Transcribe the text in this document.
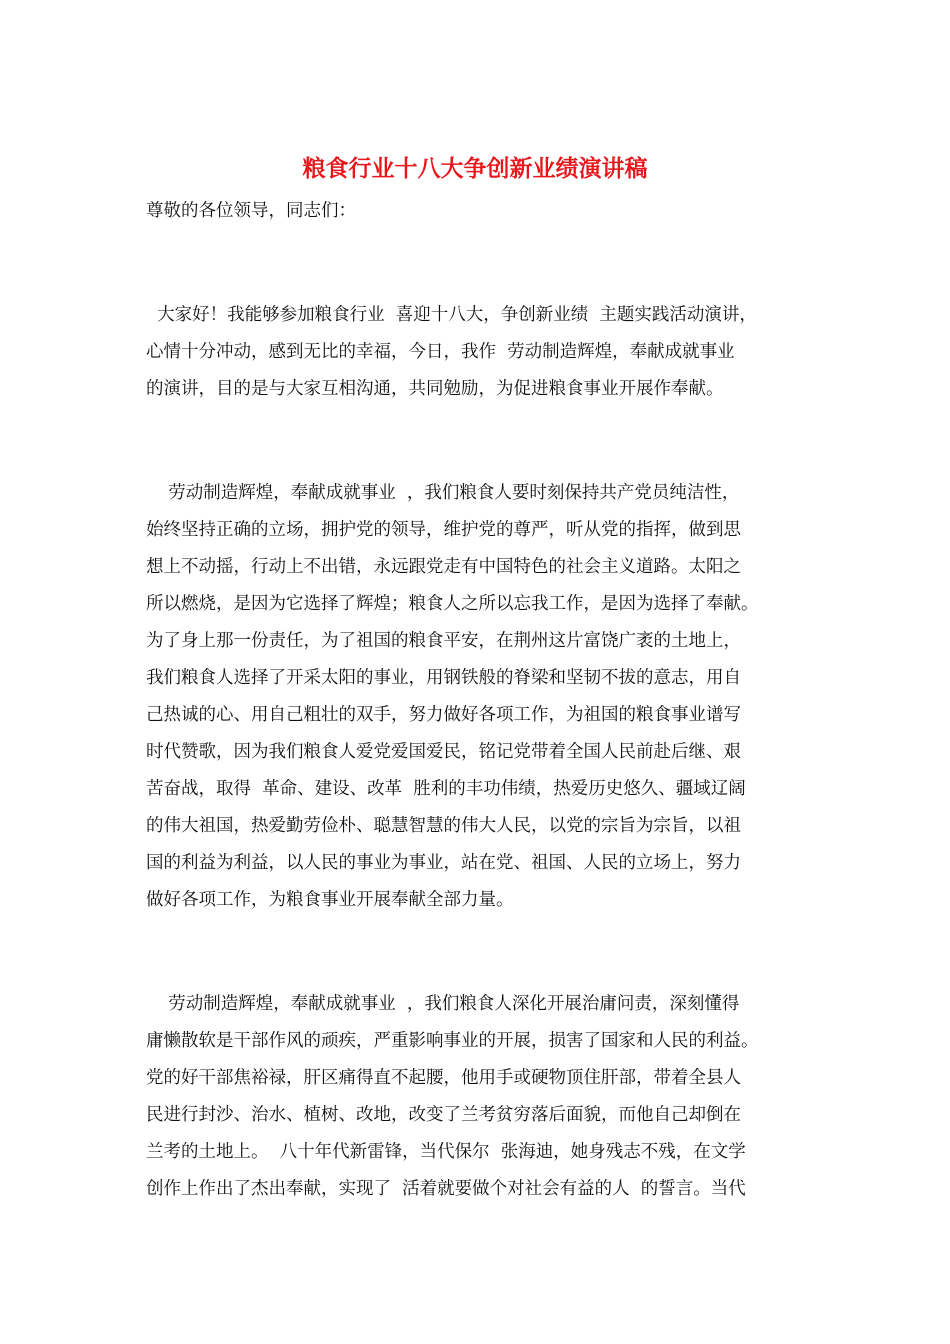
粮食行业十八大争创新业绩演讲稿

尊敬的各位领导，同志们：

大家好！我能够参加粮食行业  喜迎十八大，争创新业绩  主题实践活动演讲，

心情十分冲动，感到无比的幸福，今日，我作  劳动制造辉煌，奉献成就事业

的演讲，目的是与大家互相沟通，共同勉励，为促进粮食事业开展作奉献。

劳动制造辉煌，奉献成就事业  ，我们粮食人要时刻保持共产党员纯洁性，

始终坚持正确的立场，拥护党的领导，维护党的尊严，听从党的指挥，做到思

想上不动摇，行动上不出错，永远跟党走有中国特色的社会主义道路。太阳之

所以燃烧，是因为它选择了辉煌；粮食人之所以忘我工作，是因为选择了奉献。

为了身上那一份责任，为了祖国的粮食平安，在荆州这片富饶广袤的土地上，

我们粮食人选择了开采太阳的事业，用钢铁般的脊梁和坚韧不拔的意志，用自

己热诚的心、用自己粗壮的双手，努力做好各项工作，为祖国的粮食事业谱写

时代赞歌，因为我们粮食人爱党爱国爱民，铭记党带着全国人民前赴后继、艰

苦奋战，取得  革命、建设、改革  胜利的丰功伟绩，热爱历史悠久、疆域辽阔

的伟大祖国，热爱勤劳俭朴、聪慧智慧的伟大人民，以党的宗旨为宗旨，以祖

国的利益为利益，以人民的事业为事业，站在党、祖国、人民的立场上，努力

做好各项工作，为粮食事业开展奉献全部力量。

劳动制造辉煌，奉献成就事业  ，我们粮食人深化开展治庸问责，深刻懂得

庸懒散软是干部作风的顽疾，严重影响事业的开展，损害了国家和人民的利益。

党的好干部焦裕禄，肝区痛得直不起腰，他用手或硬物顶住肝部，带着全县人

民进行封沙、治水、植树、改地，改变了兰考贫穷落后面貌，而他自己却倒在

兰考的土地上。  八十年代新雷锋，当代保尔  张海迪，她身残志不残，在文学

创作上作出了杰出奉献，实现了  活着就要做个对社会有益的人  的誓言。当代
